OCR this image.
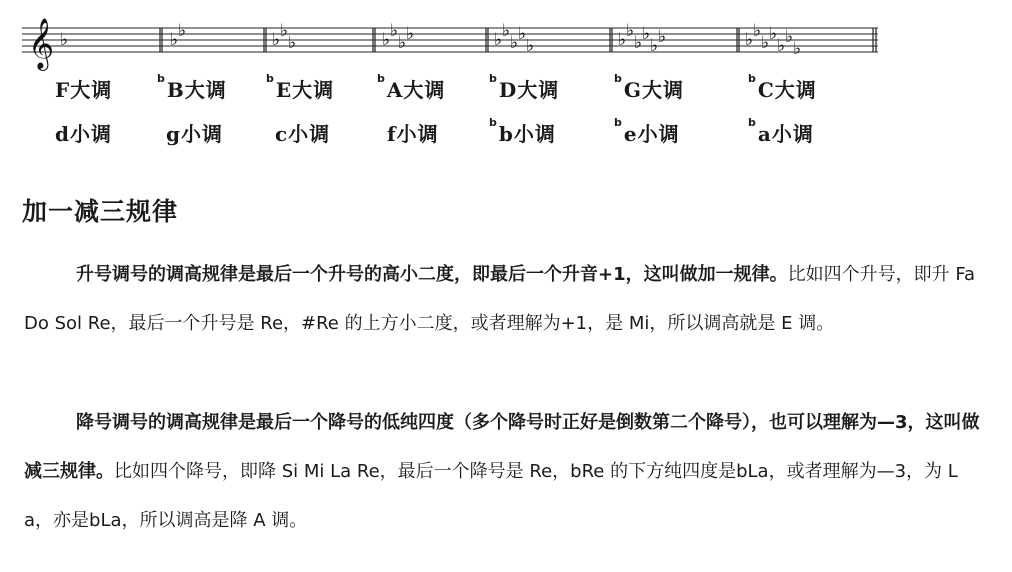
𝄞 ♭	♭ ♭	♭ ♭
♭	♭ ♭
♭ ♭	♭ ♭
♭ ♭
♭	♭ ♭
♭ ♭
♭ ♭	♭ ♭
♭ ♭
♭ ♭
♭
F大调	$^b$B大调	$^b$E大调	$^b$A大调	$^b$D大调	$^b$G大调	$^b$C大调
d小调	g小调	c小调	f小调	$^b$b小调	$^b$e小调	$^b$a小调
加一减三规律
升号调号的调高规律是最后一个升号的高小二度，即最后一个升音+1，这叫做加一规律。比如四个升号，即升 Fa Do Sol Re，最后一个升号是 Re，#Re 的上方小二度，或者理解为+1，是 Mi，所以调高就是 E 调。
降号调号的调高规律是最后一个降号的低纯四度（多个降号时正好是倒数第二个降号），也可以理解为—3，这叫做减三规律。比如四个降号，即降 Si Mi La Re，最后一个降号是 Re，bRe 的下方纯四度是bLa，或者理解为—3，为 La，亦是bLa，所以调高是降 A 调。
